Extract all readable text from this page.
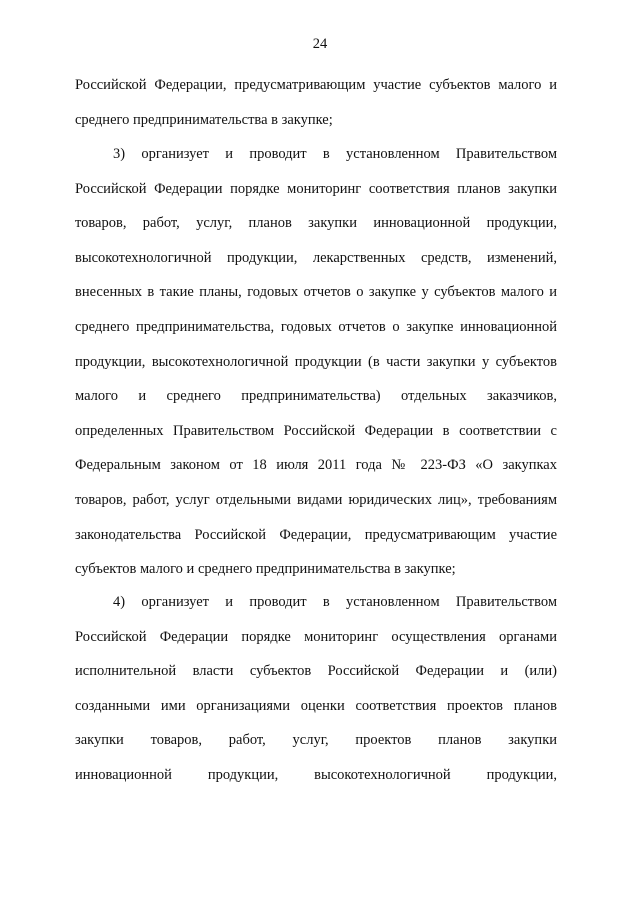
24
Российской Федерации, предусматривающим участие субъектов малого и
среднего предпринимательства в закупке;
3) организует и проводит в установленном Правительством
Российской Федерации порядке мониторинг соответствия планов закупки
товаров, работ, услуг, планов закупки инновационной продукции,
высокотехнологичной продукции, лекарственных средств, изменений,
внесенных в такие планы, годовых отчетов о закупке у субъектов малого и
среднего предпринимательства, годовых отчетов о закупке инновационной
продукции, высокотехнологичной продукции (в части закупки у субъектов
малого и среднего предпринимательства) отдельных заказчиков,
определенных Правительством Российской Федерации в соответствии с
Федеральным законом от 18 июля 2011 года № 223-ФЗ «О закупках
товаров, работ, услуг отдельными видами юридических лиц», требованиям
законодательства Российской Федерации, предусматривающим участие
субъектов малого и среднего предпринимательства в закупке;
4) организует и проводит в установленном Правительством
Российской Федерации порядке мониторинг осуществления органами
исполнительной власти субъектов Российской Федерации и (или)
созданными ими организациями оценки соответствия проектов планов
закупки товаров, работ, услуг, проектов планов закупки
инновационной продукции, высокотехнологичной продукции,
